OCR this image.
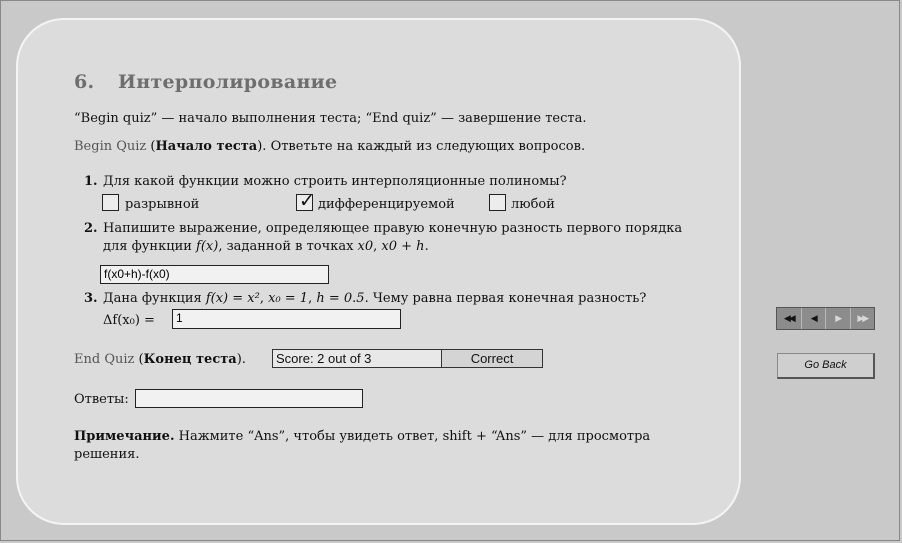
6. Интерполирование
“Begin quiz” — начало выполнения теста; “End quiz” — завершение теста.
Begin Quiz (Начало теста). Ответьте на каждый из следующих вопросов.
1. Для какой функции можно строить интерполяционные полиномы?
разрывной	✓ дифференцируемой	любой
2. Напишите выражение, определяющее правую конечную разность первого порядка
для функции f(x), заданной в точках x0, x0 + h.
f(x0+h)-f(x0)
3. Дана функция f(x) = x², x₀ = 1, h = 0.5. Чему равна первая конечная разность?
Δf(x₀) =	1
End Quiz (Конец теста).	Score: 2 out of 3	Correct
Ответы:
Примечание. Нажмите “Ans”, чтобы увидеть ответ, shift + “Ans” — для просмотра
решения.
◀◀	◀	▶	▶▶
Go Back
